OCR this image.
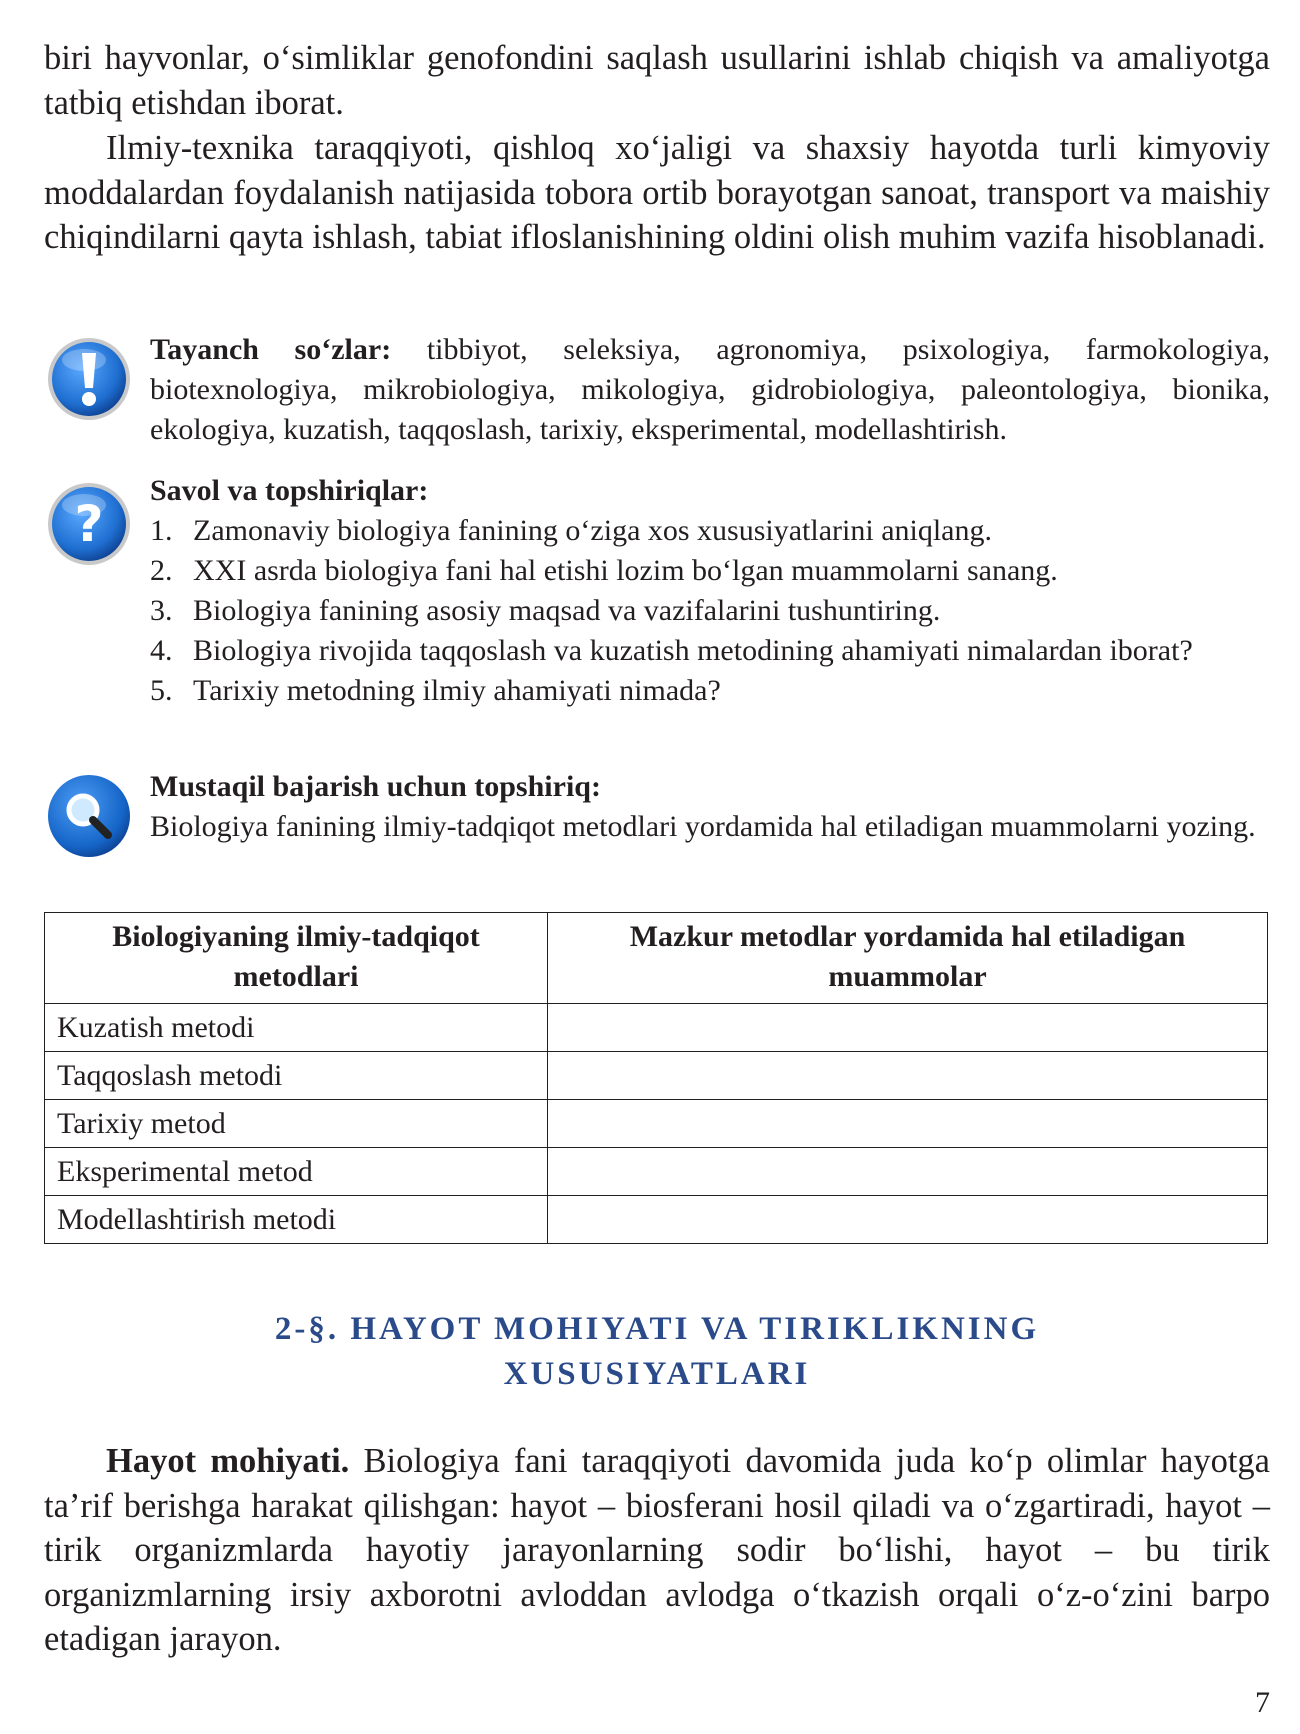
biri hayvonlar, o‘simliklar genofondini saqlash usullarini ishlab chiqish va amaliyotga tatbiq etishdan iborat.

Ilmiy-texnika taraqqiyoti, qishloq xo‘jaligi va shaxsiy hayotda turli kimyoviy moddalardan foydalanish natijasida tobora ortib borayotgan sanoat, transport va maishiy chiqindilarni qayta ishlash, tabiat ifloslanishining oldini olish muhim vazifa hisoblanadi.

Tayanch so‘zlar: tibbiyot, seleksiya, agronomiya, psixologiya, farmokologiya, biotexnologiya, mikrobiologiya, mikologiya, gidrobiologiya, paleontologiya, bionika, ekologiya, kuzatish, taqqoslash, tarixiy, eksperimental, modellashtirish.

?
Savol va topshiriqlar:
1. Zamonaviy biologiya fanining o‘ziga xos xususiyatlarini aniqlang.
2. XXI asrda biologiya fani hal etishi lozim bo‘lgan muammolarni sanang.
3. Biologiya fanining asosiy maqsad va vazifalarini tushuntiring.
4. Biologiya rivojida taqqoslash va kuzatish metodining ahamiyati nimalardan iborat?
5. Tarixiy metodning ilmiy ahamiyati nimada?
Mustaqil bajarish uchun topshiriq:

Biologiya fanining ilmiy-tadqiqot metodlari yordamida hal etiladigan muammolarni yozing.

Biologiyaning ilmiy-tadqiqot metodlari	Mazkur metodlar yordamida hal etiladigan muammolar
Kuzatish metodi	
Taqqoslash metodi	
Tarixiy metod	
Eksperimental metod	
Modellashtirish metodi	
2-§. HAYOT MOHIYATI VA TIRIKLIKNING
XUSUSIYATLARI

Hayot mohiyati. Biologiya fani taraqqiyoti davomida juda ko‘p olimlar hayotga ta’rif berishga harakat qilishgan: hayot – biosferani hosil qiladi va o‘zgartiradi, hayot – tirik organizmlarda hayotiy jarayonlarning sodir bo‘lishi, hayot – bu tirik organizmlarning irsiy axborotni avloddan avlodga o‘tkazish orqali o‘z-o‘zini barpo etadigan jarayon.

7
